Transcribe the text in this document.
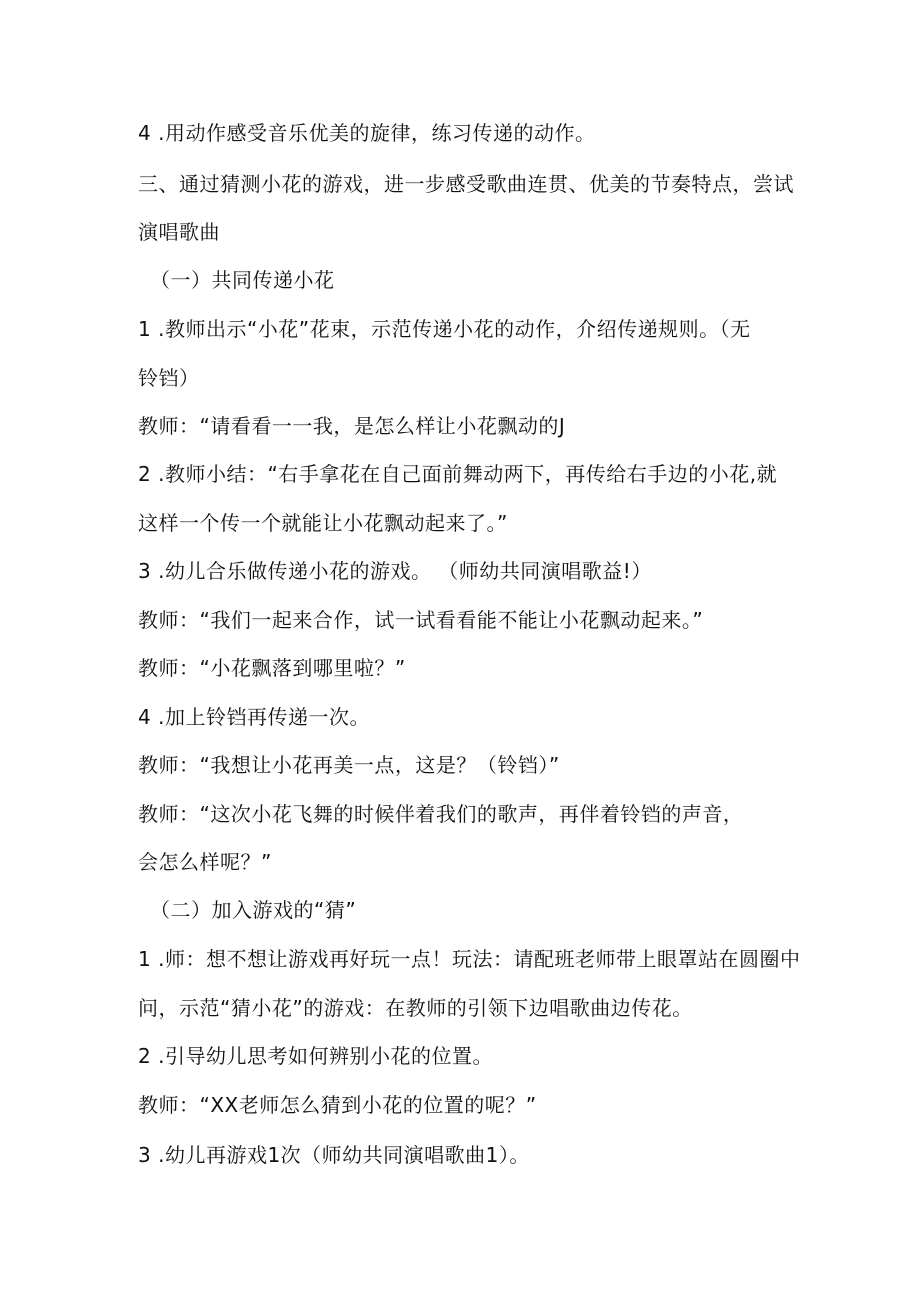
4 .用动作感受音乐优美的旋律，练习传递的动作。
三、通过猜测小花的游戏，进一步感受歌曲连贯、优美的节奏特点，尝试
演唱歌曲
（一）共同传递小花
1 .教师出示“小花”花束，示范传递小花的动作，介绍传递规则。（无
铃铛）
教师：“请看看一一我，是怎么样让小花飘动的J
2 .教师小结：“右手拿花在自己面前舞动两下，再传给右手边的小花,就
这样一个传一个就能让小花飘动起来了。”
3 .幼儿合乐做传递小花的游戏。 （师幼共同演唱歌益!）
教师：“我们一起来合作，试一试看看能不能让小花飘动起来。”
教师：“小花飘落到哪里啦？”
4 .加上铃铛再传递一次。
教师：“我想让小花再美一点，这是？（铃铛）”
教师：“这次小花飞舞的时候伴着我们的歌声，再伴着铃铛的声音，
会怎么样呢？”
（二）加入游戏的“猜”
1 .师：想不想让游戏再好玩一点！玩法：请配班老师带上眼罩站在圆圈中
问，示范“猜小花”的游戏：在教师的引领下边唱歌曲边传花。
2 .引导幼儿思考如何辨别小花的位置。
教师：“XX老师怎么猜到小花的位置的呢？”
3 .幼儿再游戏1次（师幼共同演唱歌曲1）。
